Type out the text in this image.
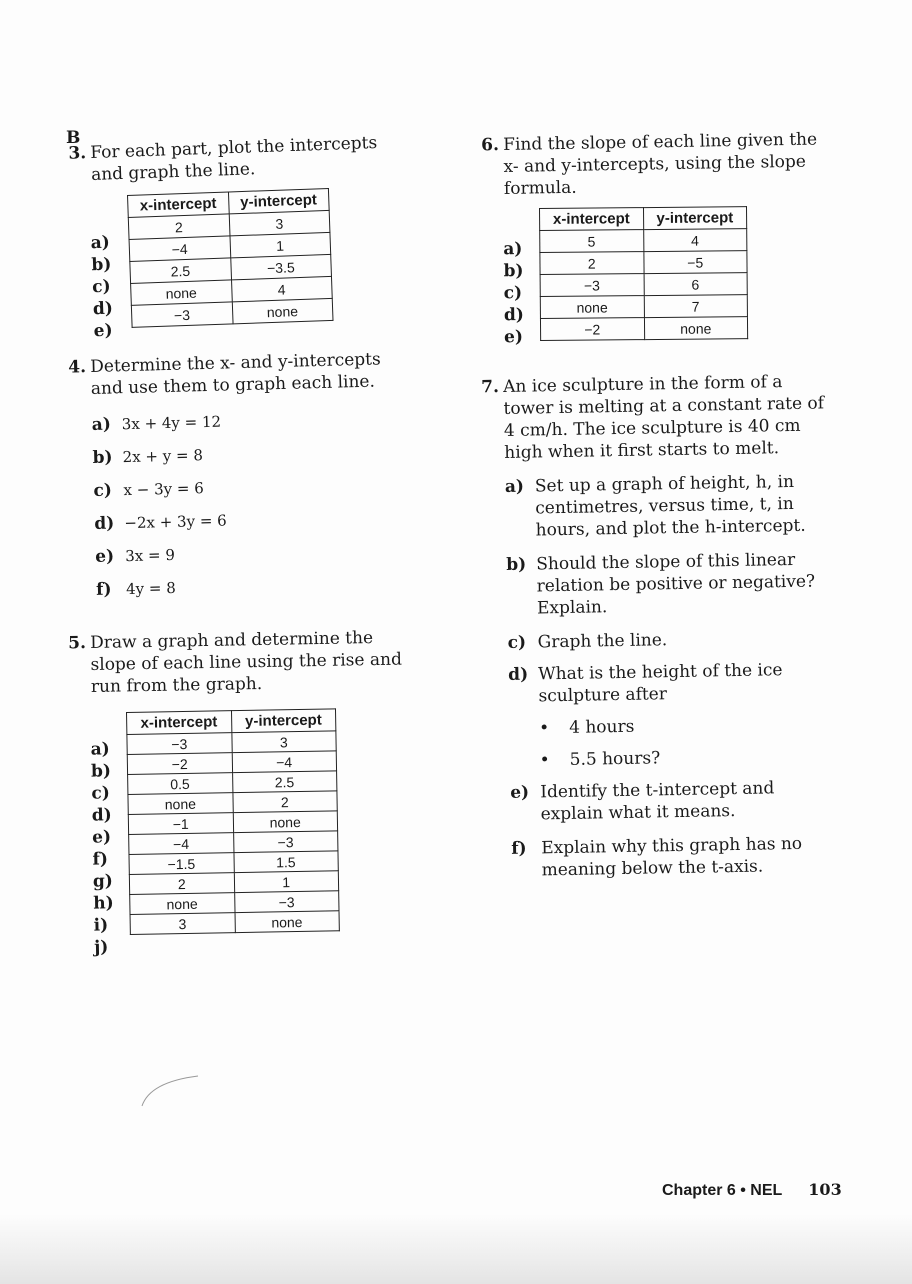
B
3. For each part, plot the intercepts and graph the line.
a)
b)
c)
d)
e)
x-intercept	y-intercept
2	3
−4	1
2.5	−3.5
none	4
−3	none
4. Determine the x- and y-intercepts and use them to graph each line.
a) 3x + 4y = 12
b) 2x + y = 8
c) x − 3y = 6
d) −2x + 3y = 6
e) 3x = 9
f) 4y = 8
5. Draw a graph and determine the slope of each line using the rise and run from the graph.
a)
b)
c)
d)
e)
f)
g)
h)
i)
j)
x-intercept	y-intercept
−3	3
−2	−4
0.5	2.5
none	2
−1	none
−4	−3
−1.5	1.5
2	1
none	−3
3	none
6. Find the slope of each line given the x- and y-intercepts, using the slope formula.
a)
b)
c)
d)
e)
x-intercept	y-intercept
5	4
2	−5
−3	6
none	7
−2	none
7. An ice sculpture in the form of a tower is melting at a constant rate of 4 cm/h. The ice sculpture is 40 cm high when it first starts to melt.
a) Set up a graph of height, h, in centimetres, versus time, t, in hours, and plot the h-intercept.
b) Should the slope of this linear relation be positive or negative? Explain.
c) Graph the line.
d) What is the height of the ice sculpture after
• 4 hours
• 5.5 hours?
e) Identify the t-intercept and explain what it means.
f) Explain why this graph has no meaning below the t-axis.
Chapter 6 • NEL 103
